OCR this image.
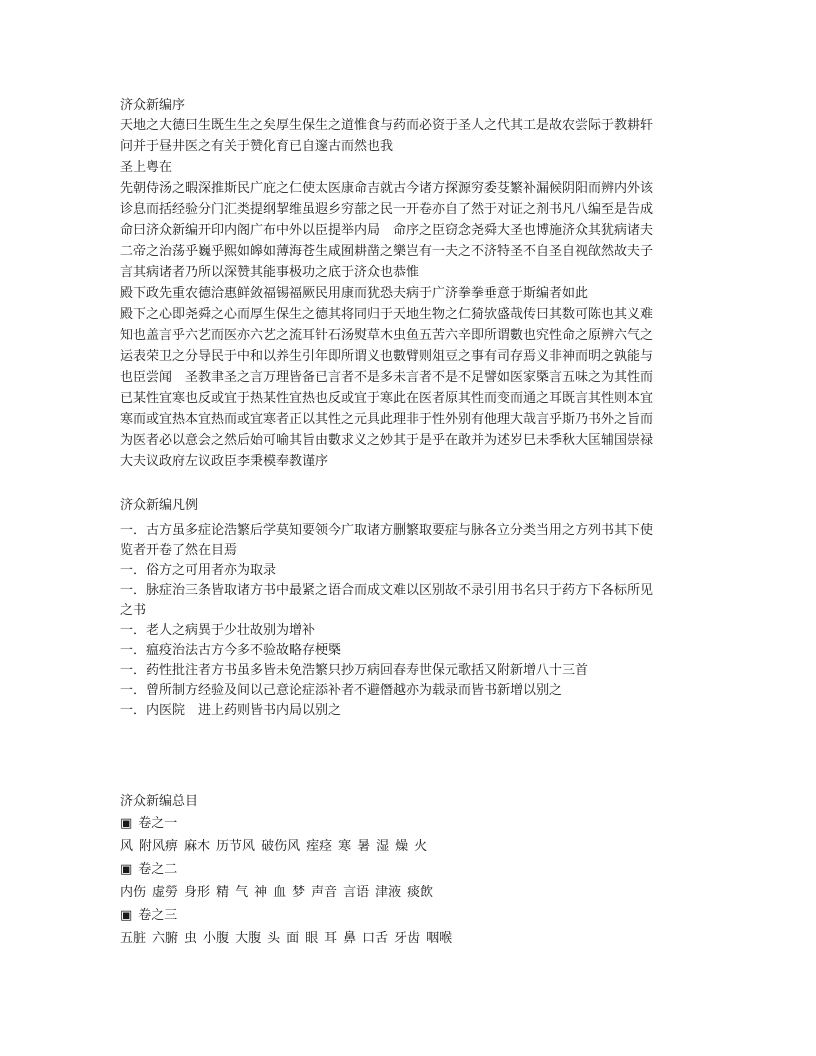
济众新编序
天地之大德曰生既生生之矣厚生保生之道惟食与药而必资于圣人之代其工是故农尝际于教耕轩
问并于昼井医之有关于赞化育已自邃古而然也我
圣上粤在
先朝侍汤之暇深推斯民广庇之仁使太医康命吉就古今诸方探源穷委芟繁补漏候阴阳而辨内外该
诊息而括经验分门汇类提纲挈维虽遐乡穷蔀之民一开卷亦自了然于对证之剂书凡八编至是告成
命曰济众新编开印内阁广布中外以臣提举内局　命序之臣窃念尧舜大圣也博施济众其犹病诸夫
二帝之治荡乎巍乎熙如皞如薄海苍生咸囿耕凿之樂岂有一夫之不济特圣不自圣自视欿然故夫子
言其病诸者乃所以深赞其能事极功之底于济众也恭惟
殿下政先重农德洽惠鲜敛福锡福厥民用康而犹恐夫病于广济拳拳垂意于斯编者如此
殿下之心即尧舜之心而厚生保生之德其将同归于天地生物之仁猗欤盛哉传曰其数可陈也其义难
知也盖言乎六艺而医亦六艺之流耳针石汤熨草木虫鱼五苦六辛即所谓數也究性命之原辨六气之
运表荣卫之分导民于中和以养生引年即所谓义也數臂则俎豆之事有司存焉义非神而明之孰能与
也臣尝闻　圣教聿圣之言万理皆备已言者不是多未言者不是不足譬如医家槩言五味之为其性而
已某性宜寒也反或宜于热某性宜热也反或宜于寒此在医者原其性而变而通之耳既言其性则本宜
寒而或宜热本宜热而或宜寒者正以其性之元具此理非于性外别有他理大哉言乎斯乃书外之旨而
为医者必以意会之然后始可喻其旨由數求义之妙其于是乎在敢并为述岁巳未季秋大匡辅国崇禄
大夫议政府左议政臣李秉模奉教谨序
济众新编凡例
一．古方虽多症论浩繁后学莫知要领今广取诸方删繁取要症与脉各立分类当用之方列书其下使
览者开卷了然在目焉
一．俗方之可用者亦为取录
一．脉症治三条皆取诸方书中最紧之语合而成文难以区别故不录引用书名只于药方下各标所见
之书
一．老人之病異于少壮故别为增补
一．瘟疫治法古方今多不验故略存梗槩
一．药性批注者方书虽多皆未免浩繁只抄万病回春寿世保元歌括又附新增八十三首
一．曾所制方经验及间以己意论症添补者不避僭越亦为载录而皆书新增以别之
一．内医院　进上药则皆书内局以别之
济众新编总目
▣ 卷之一
风 附风痹 麻木 历节风 破伤风 痓痉 寒 暑 湿 燥 火
▣ 卷之二
内伤 虚勞 身形 精 气 神 血 梦 声音 言语 津液 痰飲
▣ 卷之三
五脏 六腑 虫 小腹 大腹 头 面 眼 耳 鼻 口舌 牙齿 咽喉
